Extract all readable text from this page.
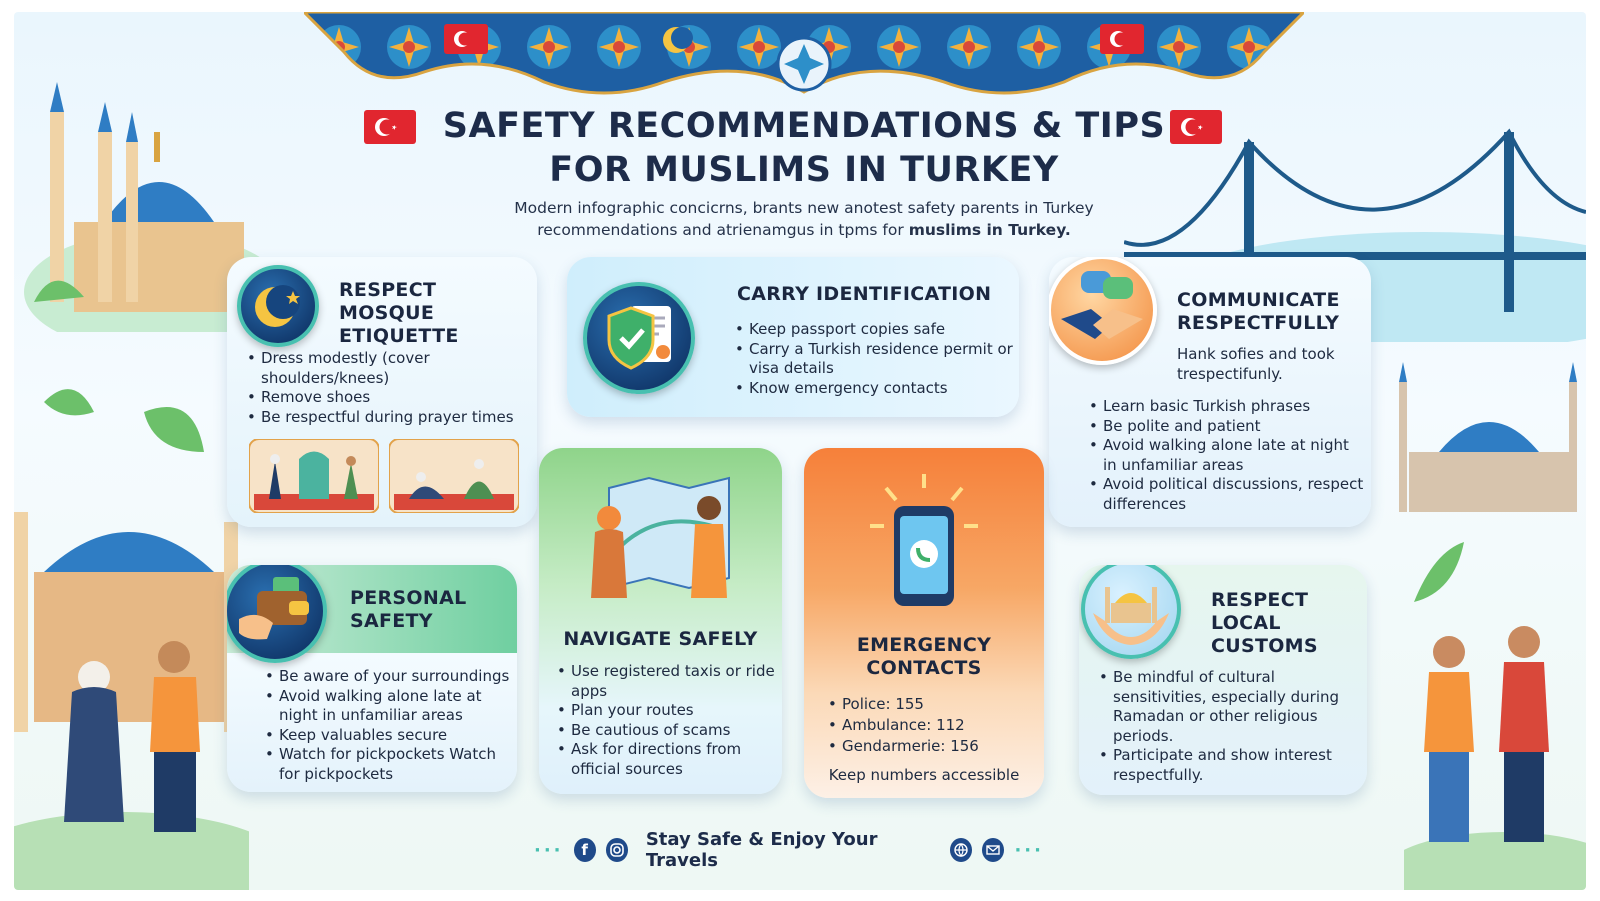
SAFETY RECOMMENDATIONS & TIPS
FOR MUSLIMS IN TURKEY
Modern infographic concicrns, brants new anotest safety parents in Turkey
recommendations and atrienamgus in tpms for muslims in Turkey.
RESPECT MOSQUE
ETIQUETTE
• Dress modestly (cover shoulders/knees)
• Remove shoes
• Be respectful during prayer times
CARRY IDENTIFICATION
• Keep passport copies safe
• Carry a Turkish residence permit or visa details
• Know emergency contacts
COMMUNICATE
RESPECTFULLY
Hank sofies and took trespectifunly.
• Learn basic Turkish phrases
• Be polite and patient
• Avoid walking alone late at night in unfamiliar areas
• Avoid political discussions, respect differences
PERSONAL
SAFETY
• Be aware of your surroundings
• Avoid walking alone late at night in unfamiliar areas
• Keep valuables secure
• Watch for pickpockets Watch for pickpockets
NAVIGATE SAFELY
• Use registered taxis or ride apps
• Plan your routes
• Be cautious of scams
• Ask for directions from official sources
EMERGENCY
CONTACTS
• Police: 155
• Ambulance: 112
• Gendarmerie: 156
Keep numbers accessible
RESPECT
LOCAL
CUSTOMS
• Be mindful of cultural sensitivities, especially during Ramadan or other religious periods.
• Participate and show interest respectfully.
···	f	Stay Safe & Enjoy Your Travels	···
